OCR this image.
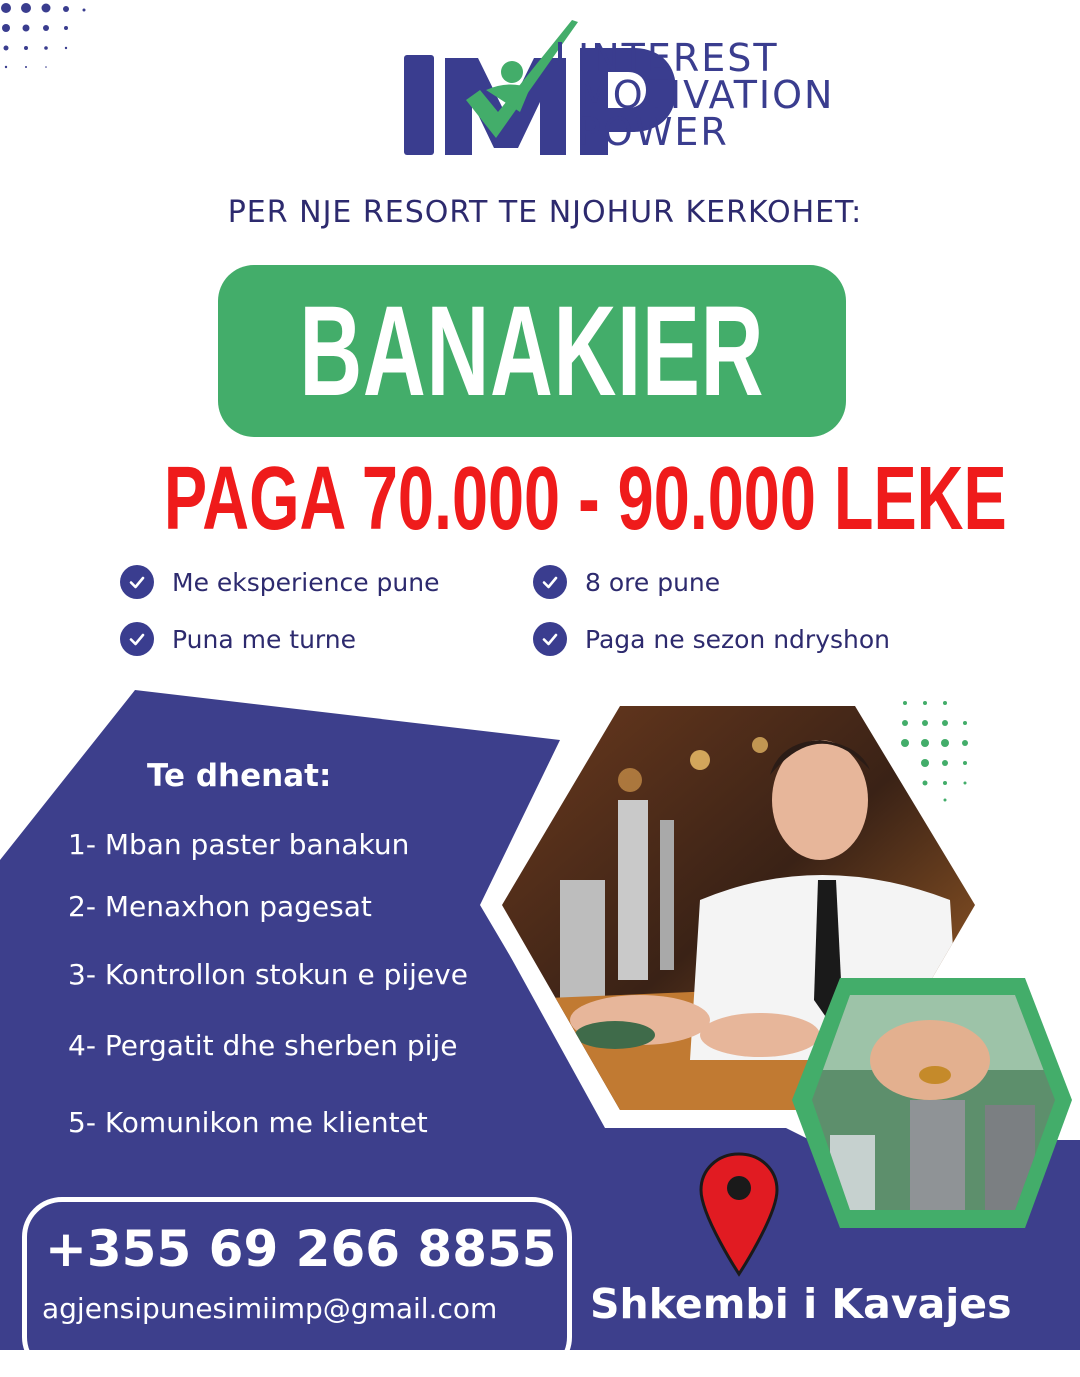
INTEREST
MOTIVATION
POWER
PER NJE RESORT TE NJOHUR KERKOHET:
BANAKIER
PAGA 70.000 - 90.000 LEKE
Me eksperience pune	8 ore pune
Puna me turne	Paga ne sezon ndryshon
Te dhenat:
1- Mban paster banakun
2- Menaxhon pagesat
3- Kontrollon stokun e pijeve
4- Pergatit dhe sherben pije
5- Komunikon me klientet
+355 69 266 8855
agjensipunesimiimp@gmail.com Shkembi i Kavajes
